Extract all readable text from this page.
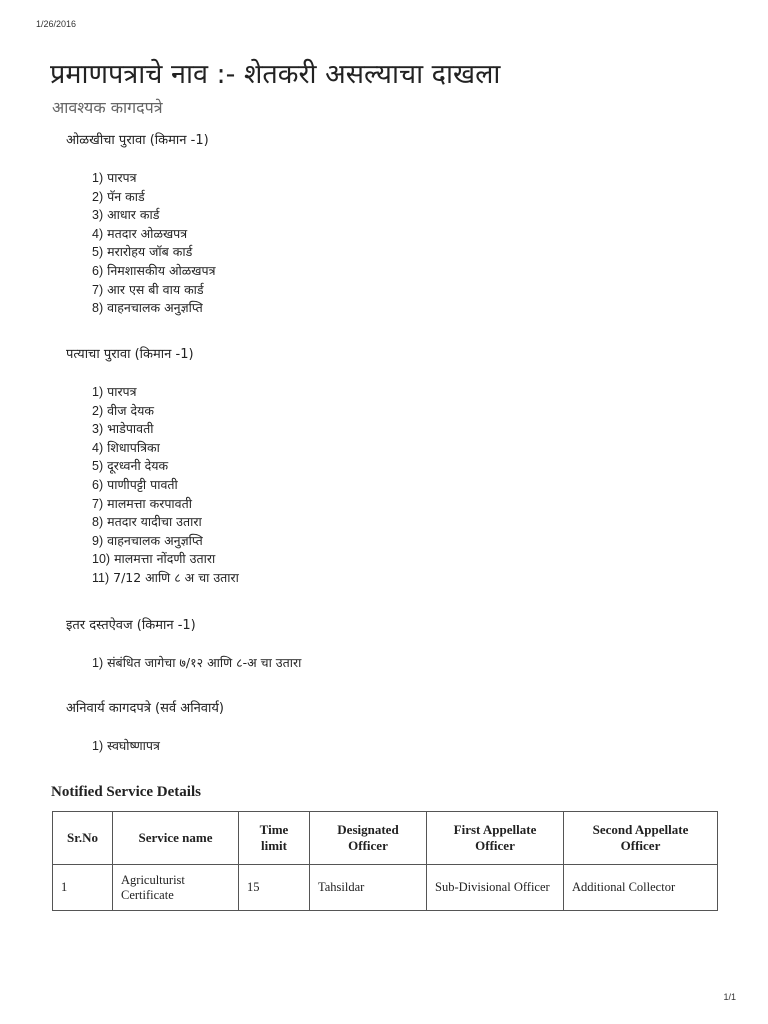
1/26/2016
प्रमाणपत्राचे नाव :- शेतकरी असल्याचा दाखला
आवश्यक कागदपत्रे
ओळखीचा पुरावा (किमान -1)
1) पारपत्र
2) पॅन कार्ड
3) आधार कार्ड
4) मतदार ओळखपत्र
5) मरारोहय जॉब कार्ड
6) निमशासकीय ओळखपत्र
7) आर एस बी वाय कार्ड
8) वाहनचालक अनुज्ञप्ति
पत्याचा पुरावा (किमान -1)
1) पारपत्र
2) वीज देयक
3) भाडेपावती
4) शिधापत्रिका
5) दूरध्वनी देयक
6) पाणीपट्टी पावती
7) मालमत्ता करपावती
8) मतदार यादीचा उतारा
9) वाहनचालक अनुज्ञप्ति
10) मालमत्ता नोंदणी उतारा
11) 7/12 आणि ८ अ चा उतारा
इतर दस्तऐवज (किमान -1)
1) संबंधित जागेचा ७/१२ आणि ८-अ चा उतारा
अनिवार्य कागदपत्रे (सर्व अनिवार्य)
1) स्वघोष्णापत्र
Notified Service Details
Sr.No	Service name	Time limit	Designated Officer	First Appellate Officer	Second Appellate Officer
1	Agriculturist Certificate	15	Tahsildar	Sub-Divisional Officer	Additional Collector
1/1
